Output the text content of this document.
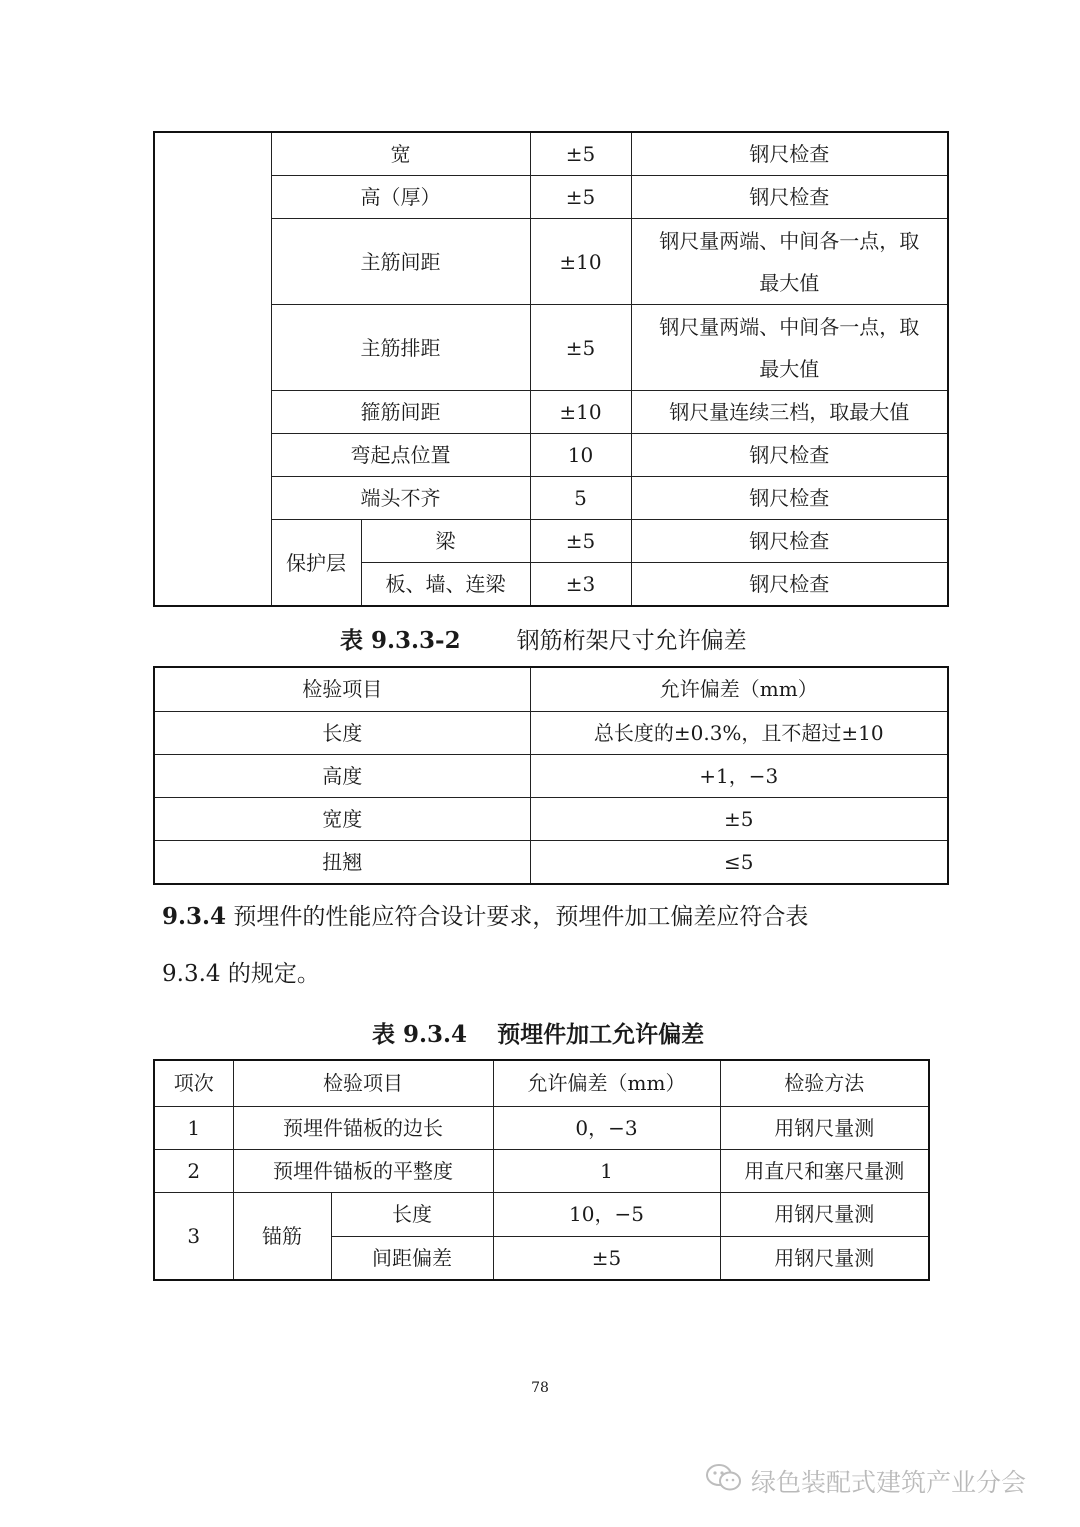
	宽		±5	钢尺检查
	高（厚）		±5	钢尺检查
	主筋间距		±10	钢尺量两端、中间各一点，取
最大值

	主筋排距		±5	钢尺量两端、中间各一点，取
最大值

	箍筋间距		±10	钢尺量连续三档，取最大值
	弯起点位置		10	钢尺检查
	端头不齐		5	钢尺检查
	保护层	梁	±5	钢尺检查
		板、墙、连梁	±3	钢尺检查
表 9.3.3-2 钢筋桁架尺寸允许偏差
检验项目	允许偏差（mm）
长度	总长度的±0.3%，且不超过±10
高度	+1，−3
宽度	±5
扭翘	≤5
9.3.4 预埋件的性能应符合设计要求，预埋件加工偏差应符合表
9.3.4 的规定。
表 9.3.4 预埋件加工允许偏差
项次	检验项目		允许偏差（mm）	检验方法
1	预埋件锚板的边长		0，−3	用钢尺量测
2	预埋件锚板的平整度		1	用直尺和塞尺量测
3	锚筋	长度	10，−5	用钢尺量测
		间距偏差	±5	用钢尺量测
78
绿色装配式建筑产业分会
